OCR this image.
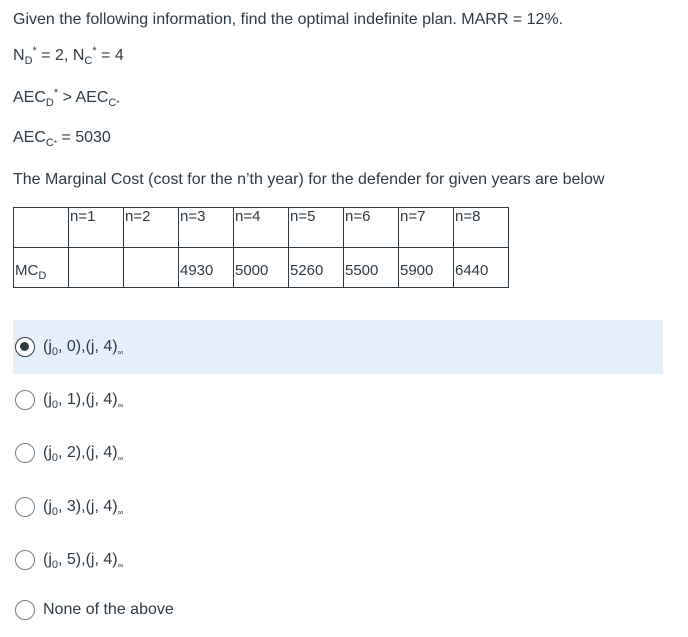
Given the following information, find the optimal indefinite plan. MARR = 12%.
$N_D^* = 2$, $N_C^* = 4$
$AEC_D^* > AEC_{C*}$
$AEC_{C*} = 5030$
The Marginal Cost (cost for the n’th year) for the defender for given years are below
	n=1	n=2	n=3	n=4	n=5	n=6	n=7	n=8
$MC_D$			4930	5000	5260	5500	5900	6440
($j_0$, 0),(j, $4)_\infty$
($j_0$, 1),(j, $4)_\infty$
($j_0$, 2),(j, $4)_\infty$
($j_0$, 3),(j, $4)_\infty$
($j_0$, 5),(j, $4)_\infty$
None of the above
